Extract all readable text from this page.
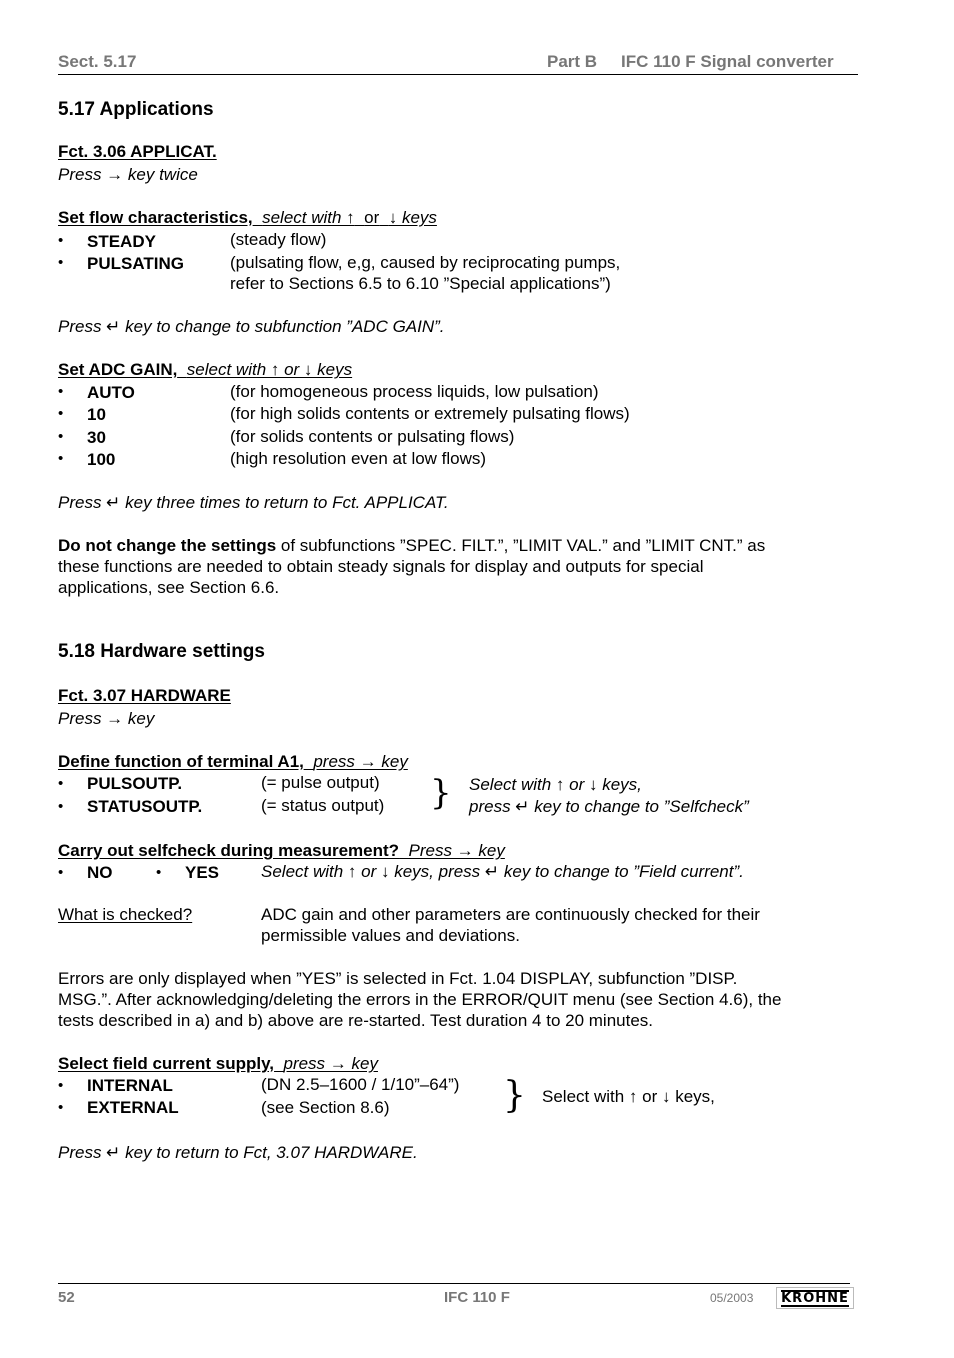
Sect. 5.17	Part B IFC 110 F Signal converter
5.17 Applications
Fct. 3.06 APPLICAT.
Press → key twice
Set flow characteristics, select with ↑ or ↓ keys
• STEADY	(steady flow)
• PULSATING	(pulsating flow, e,g, caused by reciprocating pumps,
refer to Sections 6.5 to 6.10 ”Special applications”)
Press ↵ key to change to subfunction ”ADC GAIN”.
Set ADC GAIN, select with ↑ or ↓ keys
• AUTO	(for homogeneous process liquids, low pulsation)
• 10	(for high solids contents or extremely pulsating flows)
• 30	(for solids contents or pulsating flows)
• 100	(high resolution even at low flows)
Press ↵ key three times to return to Fct. APPLICAT.
Do not change the settings of subfunctions ”SPEC. FILT.”, ”LIMIT VAL.” and ”LIMIT CNT.” as
these functions are needed to obtain steady signals for display and outputs for special
applications, see Section 6.6.
5.18 Hardware settings
Fct. 3.07 HARDWARE
Press → key
Define function of terminal A1, press → key
• PULSOUTP.	(= pulse output)
• STATUSOUTP.	(= status output) } Select with ↑ or ↓ keys,
press ↵ key to change to ”Selfcheck”
Carry out selfcheck during measurement? Press → key
• NO	• YES Select with ↑ or ↓ keys, press ↵ key to change to ”Field current”.
What is checked?	ADC gain and other parameters are continuously checked for their
permissible values and deviations.
Errors are only displayed when ”YES” is selected in Fct. 1.04 DISPLAY, subfunction ”DISP.
MSG.”. After acknowledging/deleting the errors in the ERROR/QUIT menu (see Section 4.6), the
tests described in a) and b) above are re-started. Test duration 4 to 20 minutes.
Select field current supply, press → key
• INTERNAL	(DN 2.5–1600 / 1/10”–64”)
• EXTERNAL	(see Section 8.6)	} Select with ↑ or ↓ keys,
Press ↵ key to return to Fct, 3.07 HARDWARE.
52	IFC 110 F	05/2003 KROHNE
